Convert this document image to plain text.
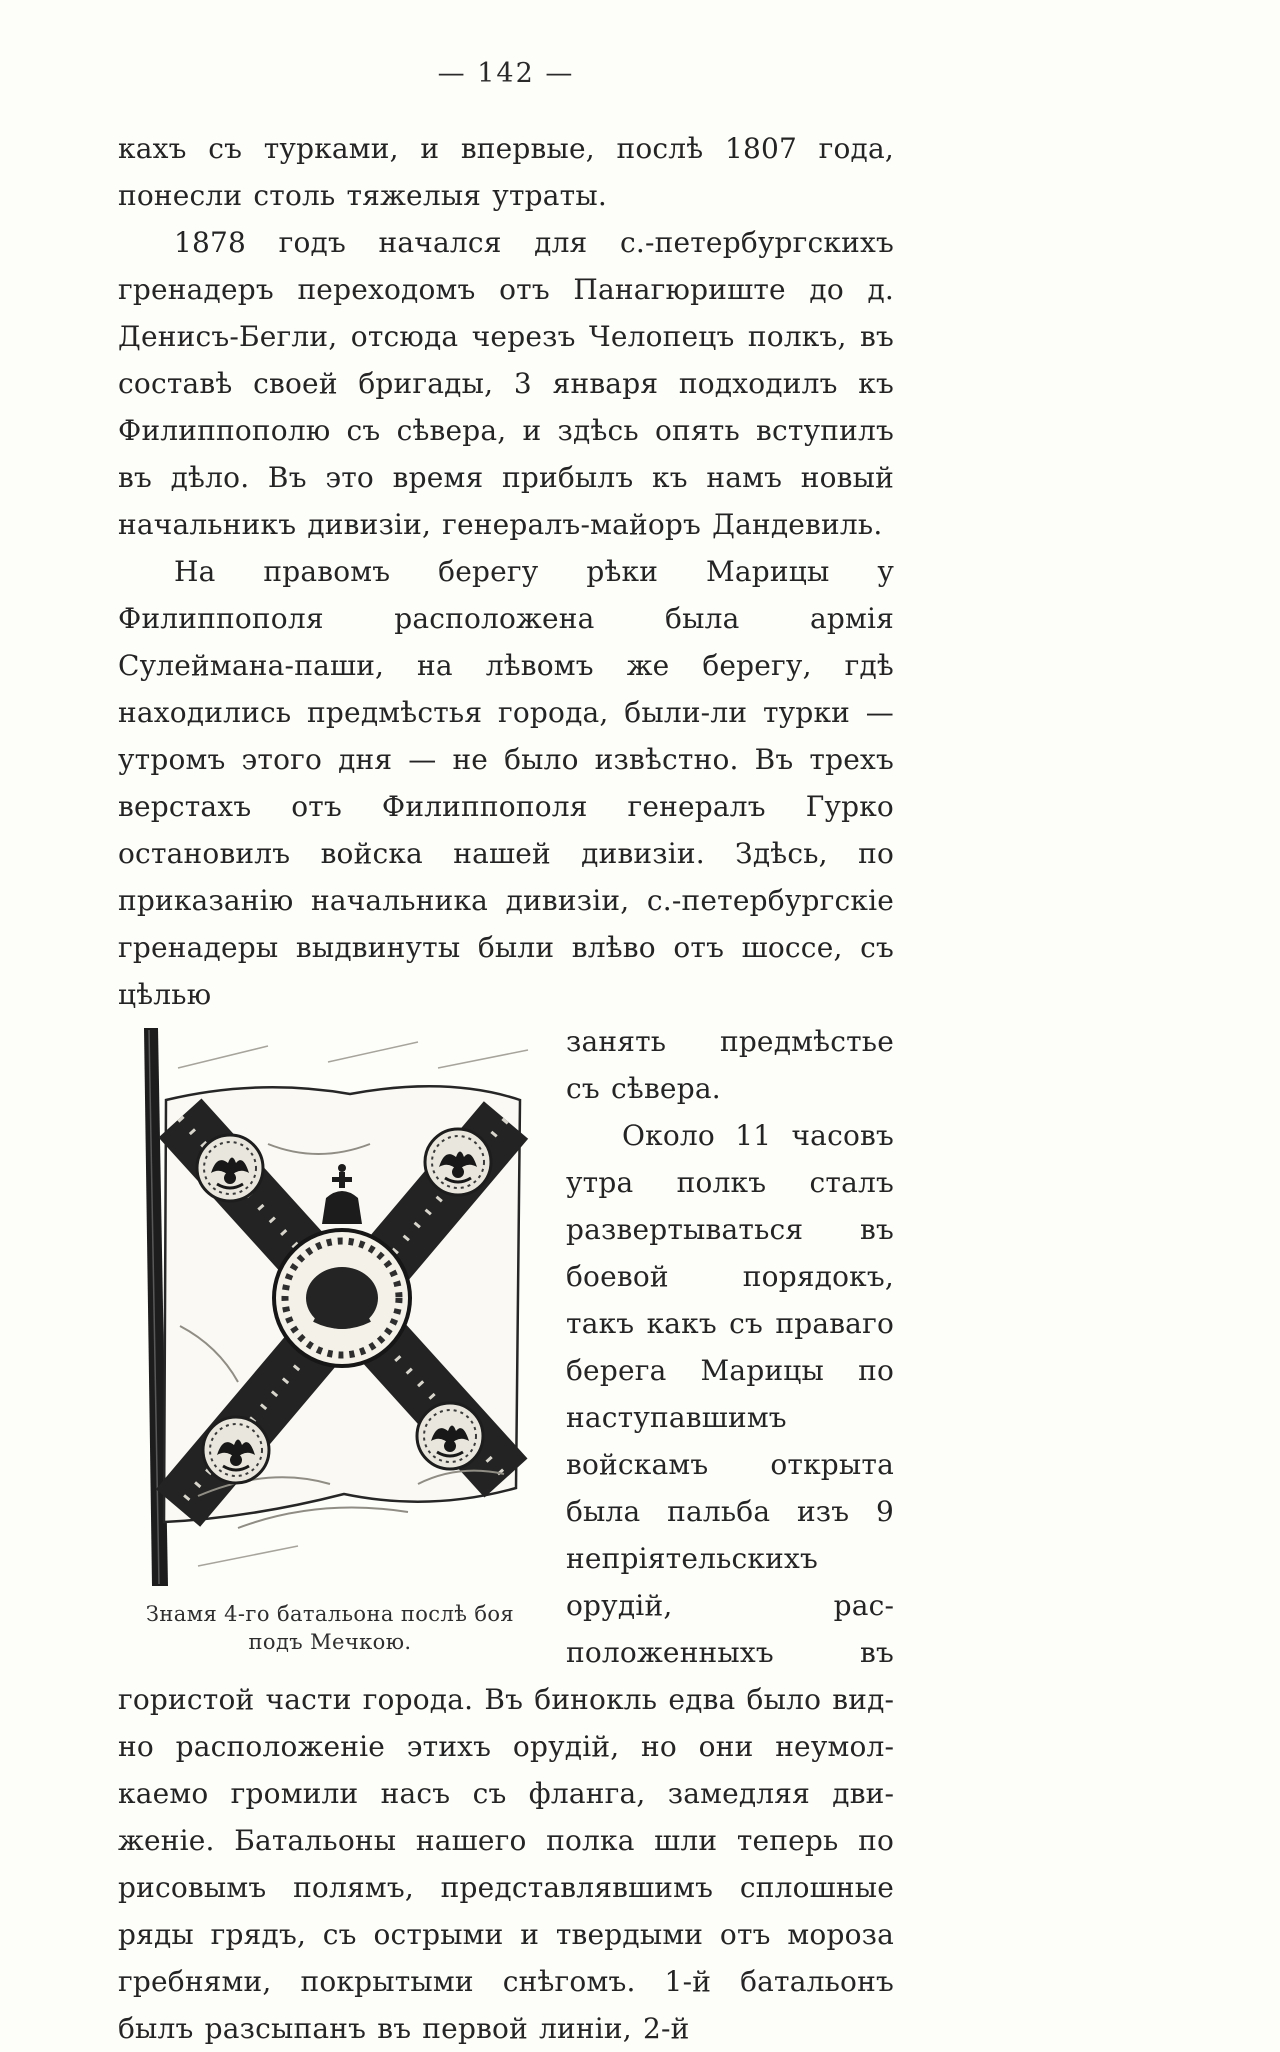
— 142 —

кахъ съ турками, и впервые, послѣ 1807 года, понесли столь тяжелыя утраты.

1878 годъ начался для с.-петербургскихъ гренадеръ переходомъ отъ Панагюриште до д. Денисъ-Бегли, отсюда черезъ Челопецъ полкъ, въ составѣ своей бригады, 3 января подходилъ къ Филиппополю съ сѣвера, и здѣсь опять вступилъ въ дѣло. Въ это время прибылъ къ намъ новый начальникъ дивизіи, генералъ-майоръ Дандевиль.

На правомъ берегу рѣки Марицы у Филиппополя расположена была армія Сулеймана-паши, на лѣвомъ же берегу, гдѣ находились предмѣстья города, были-ли турки — утромъ этого дня — не было извѣстно. Въ трехъ верстахъ отъ Филиппополя генералъ Гурко остановилъ войска нашей дивизіи. Здѣсь, по приказанію начальника дивизіи, с.-петербургскіе гренадеры выдвинуты были влѣво отъ шоссе, съ цѣлью

Знамя 4-го батальона послѣ боя подъ Мечкою.

занять предмѣстье съ сѣвера.

Около 11 часовъ утра полкъ сталъ развертываться въ боевой порядокъ, такъ какъ съ праваго берега Марицы по наступавшимъ войскамъ открыта была пальба изъ 9 непріятельскихъ орудій, расположенныхъ въ гористой части города. Въ бинокль едва было видно расположеніе этихъ орудій, но они неумолкаемо громили насъ съ фланга, замедляя движеніе. Батальоны нашего полка шли теперь по рисовымъ полямъ, представлявшимъ сплошные ряды грядъ, съ острыми и твердыми отъ мороза гребнями, покрытыми снѣгомъ. 1-й батальонъ былъ разсыпанъ въ первой линіи, 2-й
